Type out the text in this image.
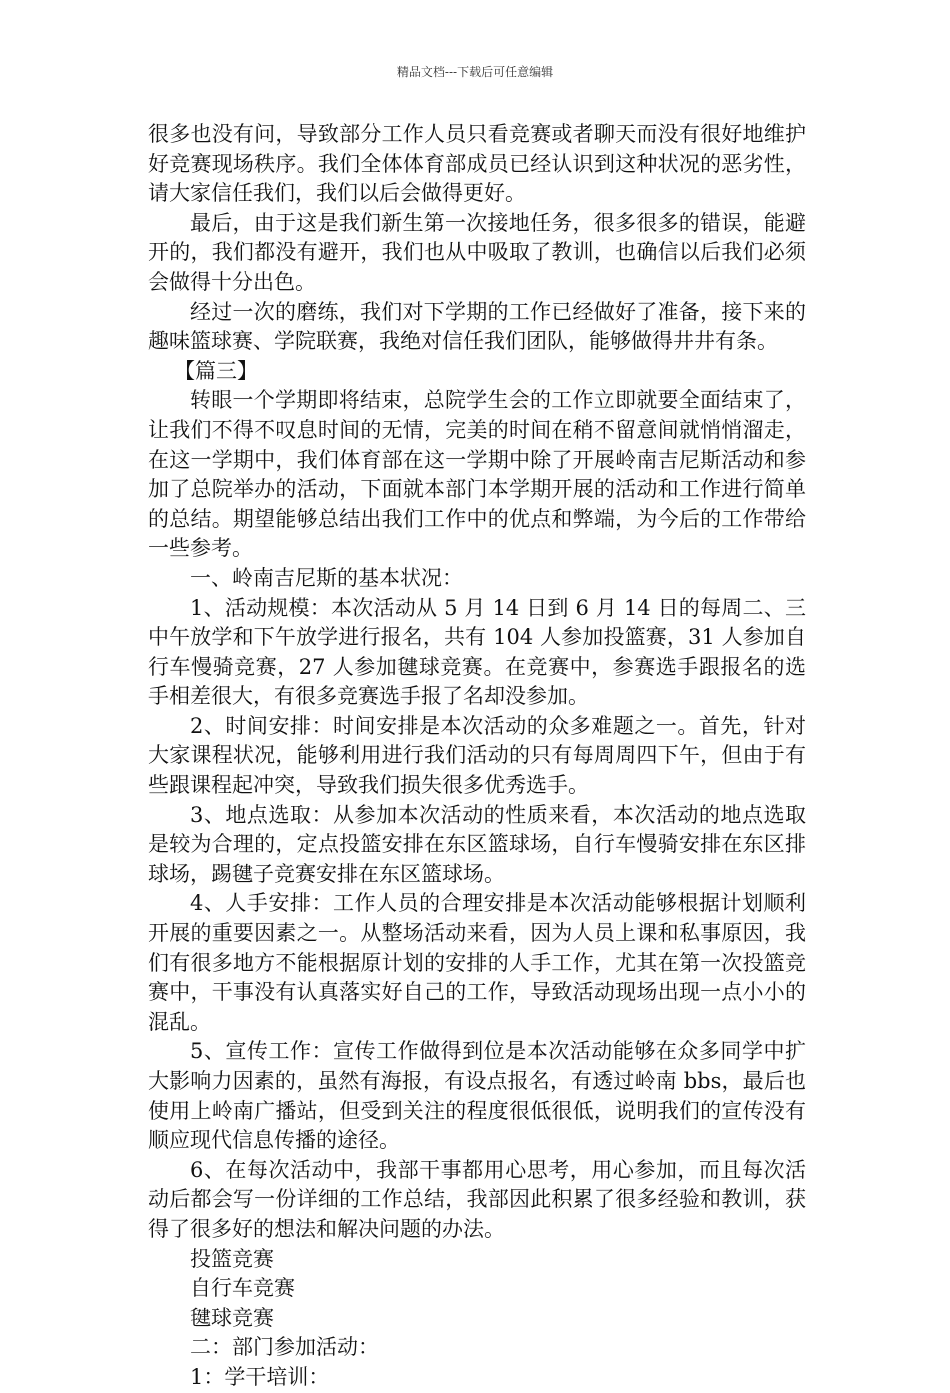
精品文档---下载后可任意编辑

很多也没有问，导致部分工作人员只看竞赛或者聊天而没有很好地维护好竞赛现场秩序。我们全体体育部成员已经认识到这种状况的恶劣性，请大家信任我们，我们以后会做得更好。

最后，由于这是我们新生第一次接地任务，很多很多的错误，能避开的，我们都没有避开，我们也从中吸取了教训，也确信以后我们必须会做得十分出色。

经过一次的磨练，我们对下学期的工作已经做好了准备，接下来的趣味篮球赛、学院联赛，我绝对信任我们团队，能够做得井井有条。

【篇三】

转眼一个学期即将结束，总院学生会的工作立即就要全面结束了，让我们不得不叹息时间的无情，完美的时间在稍不留意间就悄悄溜走，在这一学期中，我们体育部在这一学期中除了开展岭南吉尼斯活动和参加了总院举办的活动，下面就本部门本学期开展的活动和工作进行简单的总结。期望能够总结出我们工作中的优点和弊端，为今后的工作带给一些参考。

一、岭南吉尼斯的基本状况：

1、活动规模：本次活动从 5 月 14 日到 6 月 14 日的每周二、三中午放学和下午放学进行报名，共有 104 人参加投篮赛，31 人参加自行车慢骑竞赛，27 人参加毽球竞赛。在竞赛中，参赛选手跟报名的选手相差很大，有很多竞赛选手报了名却没参加。

2、时间安排：时间安排是本次活动的众多难题之一。首先，针对大家课程状况，能够利用进行我们活动的只有每周周四下午，但由于有些跟课程起冲突，导致我们损失很多优秀选手。

3、地点选取：从参加本次活动的性质来看，本次活动的地点选取是较为合理的，定点投篮安排在东区篮球场，自行车慢骑安排在东区排球场，踢毽子竞赛安排在东区篮球场。

4、人手安排：工作人员的合理安排是本次活动能够根据计划顺利开展的重要因素之一。从整场活动来看，因为人员上课和私事原因，我们有很多地方不能根据原计划的安排的人手工作，尤其在第一次投篮竞赛中，干事没有认真落实好自己的工作，导致活动现场出现一点小小的混乱。

5、宣传工作：宣传工作做得到位是本次活动能够在众多同学中扩大影响力因素的，虽然有海报，有设点报名，有透过岭南 bbs，最后也使用上岭南广播站，但受到关注的程度很低很低，说明我们的宣传没有顺应现代信息传播的途径。

6、在每次活动中，我部干事都用心思考，用心参加，而且每次活动后都会写一份详细的工作总结，我部因此积累了很多经验和教训，获得了很多好的想法和解决问题的办法。

投篮竞赛

自行车竞赛

毽球竞赛

二：部门参加活动：

1：学干培训：
